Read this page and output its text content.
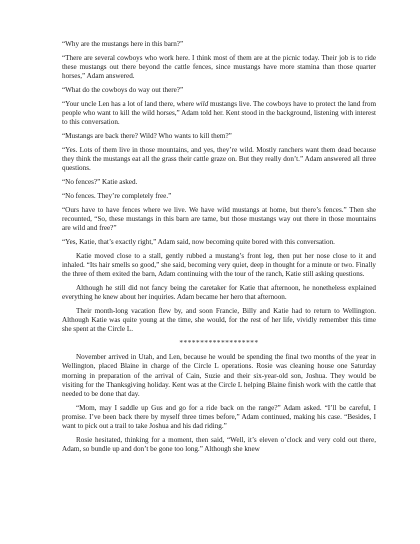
“Why are the mustangs here in this barn?”

“There are several cowboys who work here. I think most of them are at the picnic today. Their job is to ride these mustangs out there beyond the cattle fences, since mustangs have more stamina than those quarter horses,” Adam answered.

“What do the cowboys do way out there?”

“Your uncle Len has a lot of land there, where wild mustangs live. The cowboys have to protect the land from people who want to kill the wild horses,” Adam told her. Kent stood in the background, listening with interest to this conversation.

“Mustangs are back there? Wild? Who wants to kill them?”

“Yes. Lots of them live in those mountains, and yes, they’re wild. Mostly ranchers want them dead because they think the mustangs eat all the grass their cattle graze on. But they really don’t.” Adam answered all three questions.

“No fences?” Katie asked.

“No fences. They’re completely free.”

“Ours have to have fences where we live. We have wild mustangs at home, but there’s fences.” Then she recounted, “So, these mustangs in this barn are tame, but those mustangs way out there in those mountains are wild and free?”

“Yes, Katie, that’s exactly right,” Adam said, now becoming quite bored with this conversation.

Katie moved close to a stall, gently rubbed a mustang’s front leg, then put her nose close to it and inhaled. “Its hair smells so good,” she said, becoming very quiet, deep in thought for a minute or two. Finally the three of them exited the barn, Adam continuing with the tour of the ranch, Katie still asking questions.

Although he still did not fancy being the caretaker for Katie that afternoon, he nonetheless explained everything he knew about her inquiries. Adam became her hero that afternoon.

Their month-long vacation flew by, and soon Francie, Billy and Katie had to return to Wellington. Although Katie was quite young at the time, she would, for the rest of her life, vividly remember this time she spent at the Circle L.

*******************

November arrived in Utah, and Len, because he would be spending the final two months of the year in Wellington, placed Blaine in charge of the Circle L operations. Rosie was cleaning house one Saturday morning in preparation of the arrival of Cain, Suzie and their six-year-old son, Joshua. They would be visiting for the Thanksgiving holiday. Kent was at the Circle L helping Blaine finish work with the cattle that needed to be done that day.

“Mom, may I saddle up Gus and go for a ride back on the range?” Adam asked. “I’ll be careful, I promise. I’ve been back there by myself three times before,” Adam continued, making his case. “Besides, I want to pick out a trail to take Joshua and his dad riding.”

Rosie hesitated, thinking for a moment, then said, “Well, it’s eleven o’clock and very cold out there, Adam, so bundle up and don’t be gone too long.” Although she knew
